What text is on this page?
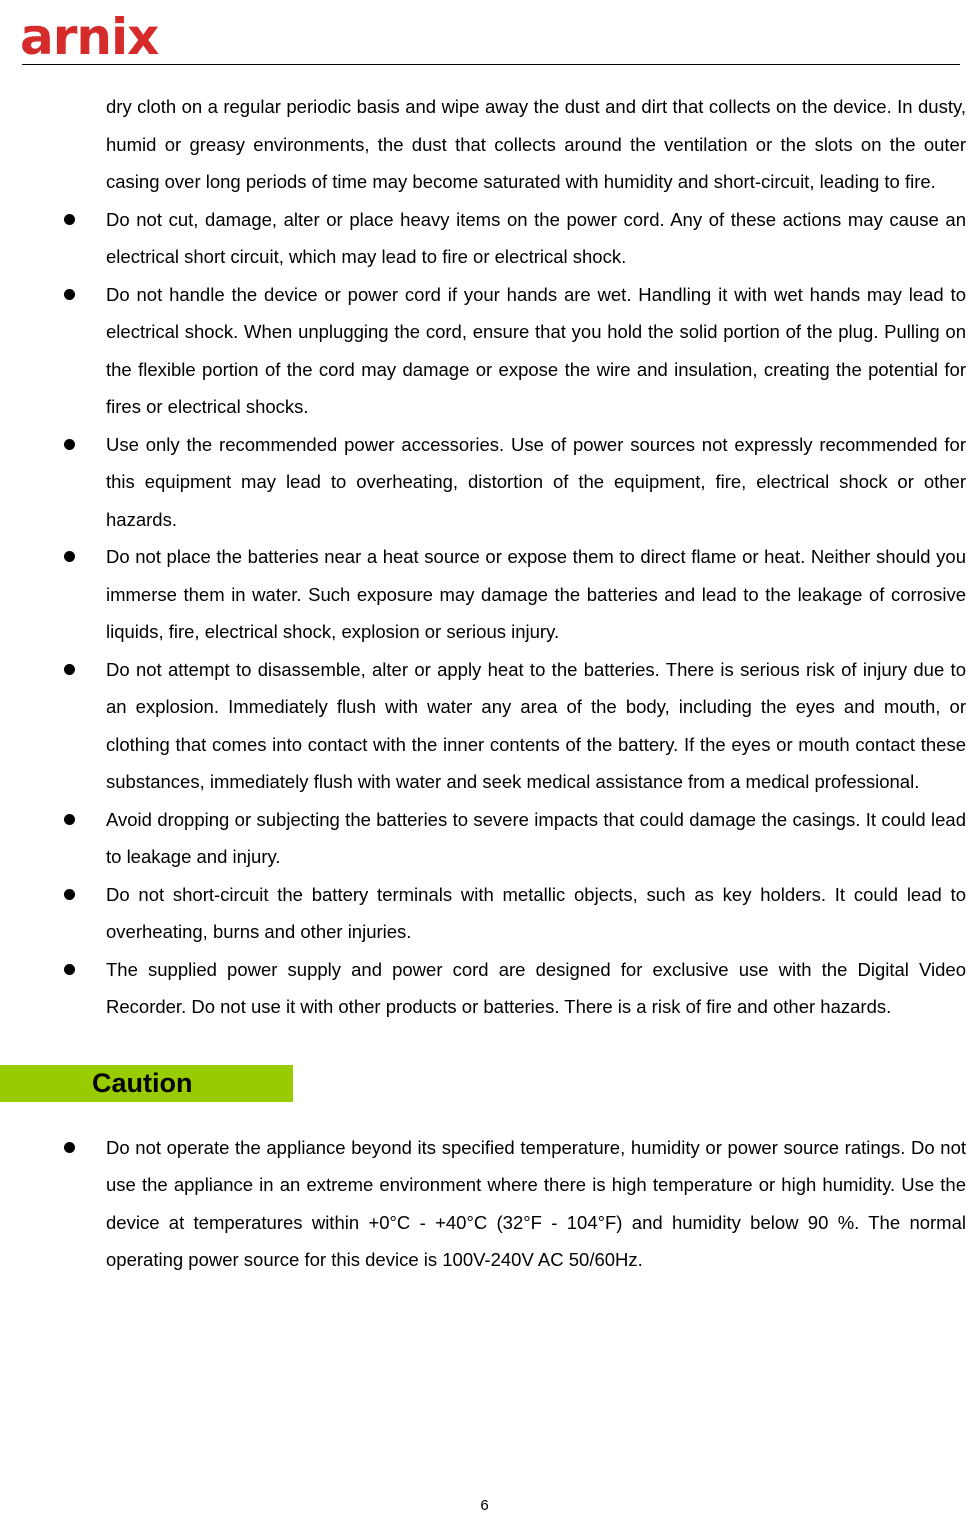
arnix

dry cloth on a regular periodic basis and wipe away the dust and dirt that collects on the device. In dusty, humid or greasy environments, the dust that collects around the ventilation or the slots on the outer casing over long periods of time may become saturated with humidity and short-circuit, leading to fire.

Do not cut, damage, alter or place heavy items on the power cord. Any of these actions may cause an electrical short circuit, which may lead to fire or electrical shock.
Do not handle the device or power cord if your hands are wet. Handling it with wet hands may lead to electrical shock. When unplugging the cord, ensure that you hold the solid portion of the plug. Pulling on the flexible portion of the cord may damage or expose the wire and insulation, creating the potential for fires or electrical shocks.
Use only the recommended power accessories. Use of power sources not expressly recommended for this equipment may lead to overheating, distortion of the equipment, fire, electrical shock or other hazards.
Do not place the batteries near a heat source or expose them to direct flame or heat. Neither should you immerse them in water. Such exposure may damage the batteries and lead to the leakage of corrosive liquids, fire, electrical shock, explosion or serious injury.
Do not attempt to disassemble, alter or apply heat to the batteries. There is serious risk of injury due to an explosion. Immediately flush with water any area of the body, including the eyes and mouth, or clothing that comes into contact with the inner contents of the battery. If the eyes or mouth contact these substances, immediately flush with water and seek medical assistance from a medical professional.
Avoid dropping or subjecting the batteries to severe impacts that could damage the casings. It could lead to leakage and injury.
Do not short-circuit the battery terminals with metallic objects, such as key holders. It could lead to overheating, burns and other injuries.
The supplied power supply and power cord are designed for exclusive use with the Digital Video Recorder. Do not use it with other products or batteries. There is a risk of fire and other hazards.
Caution
Do not operate the appliance beyond its specified temperature, humidity or power source ratings. Do not use the appliance in an extreme environment where there is high temperature or high humidity. Use the device at temperatures within +0°C - +40°C (32°F - 104°F) and humidity below 90 %. The normal operating power source for this device is 100V-240V AC 50/60Hz.
6
